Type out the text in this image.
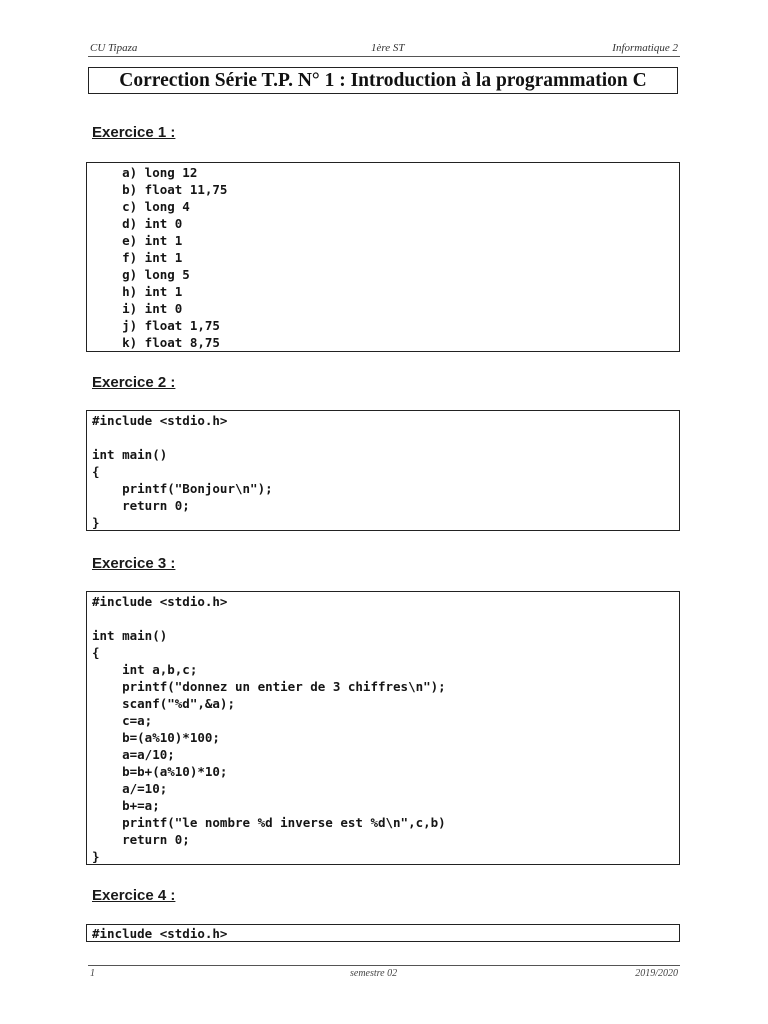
CU Tipaza	1ère ST	Informatique 2
Correction Série T.P. N° 1 : Introduction à la programmation C
Exercice 1 :
a) long 12
b) float 11,75
c) long 4
d) int 0
e) int 1
f) int 1
g) long 5
h) int 1
i) int 0
j) float 1,75
k) float 8,75
Exercice 2 :
#include <stdio.h>
int main()
{
printf("Bonjour\n");
return 0;
}
Exercice 3 :
#include <stdio.h>
int main()
{
int a,b,c;
printf("donnez un entier de 3 chiffres\n");
scanf("%d",&a);
c=a;
b=(a%10)*100;
a=a/10;
b=b+(a%10)*10;
a/=10;
b+=a;
printf("le nombre %d inverse est %d\n",c,b)
return 0;
}
Exercice 4 :
#include <stdio.h>
1	semestre 02	2019/2020
